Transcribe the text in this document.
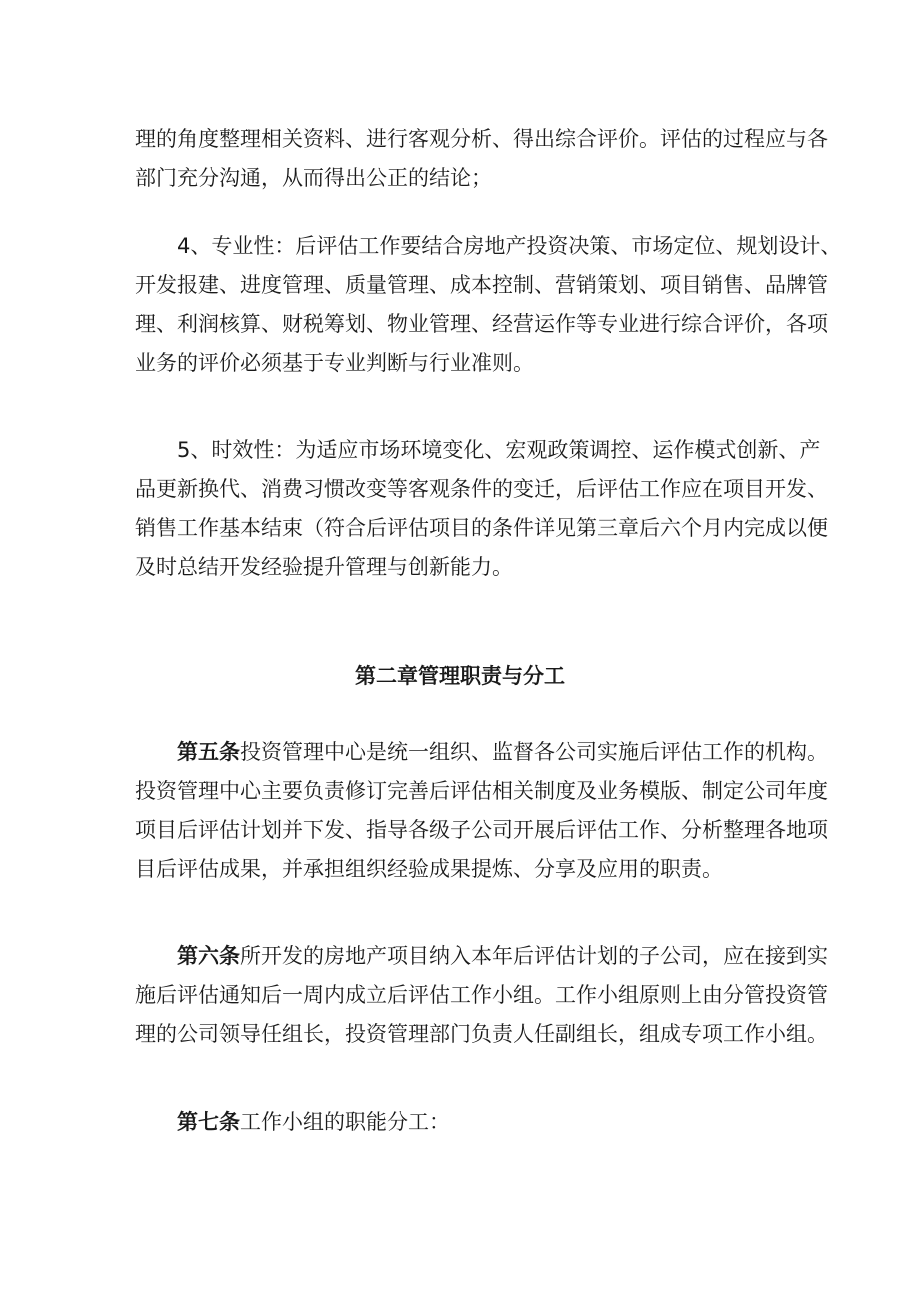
理的角度整理相关资料、进行客观分析、得出综合评价。评估的过程应与各
部门充分沟通，从而得出公正的结论；
4、专业性：后评估工作要结合房地产投资决策、市场定位、规划设计、
开发报建、进度管理、质量管理、成本控制、营销策划、项目销售、品牌管
理、利润核算、财税筹划、物业管理、经营运作等专业进行综合评价，各项
业务的评价必须基于专业判断与行业准则。
5、时效性：为适应市场环境变化、宏观政策调控、运作模式创新、产
品更新换代、消费习惯改变等客观条件的变迁，后评估工作应在项目开发、
销售工作基本结束（符合后评估项目的条件详见第三章后六个月内完成以便
及时总结开发经验提升管理与创新能力。
第二章管理职责与分工
第五条投资管理中心是统一组织、监督各公司实施后评估工作的机构。
投资管理中心主要负责修订完善后评估相关制度及业务模版、制定公司年度
项目后评估计划并下发、指导各级子公司开展后评估工作、分析整理各地项
目后评估成果，并承担组织经验成果提炼、分享及应用的职责。
第六条所开发的房地产项目纳入本年后评估计划的子公司，应在接到实
施后评估通知后一周内成立后评估工作小组。工作小组原则上由分管投资管
理的公司领导任组长，投资管理部门负责人任副组长，组成专项工作小组。
第七条工作小组的职能分工：
